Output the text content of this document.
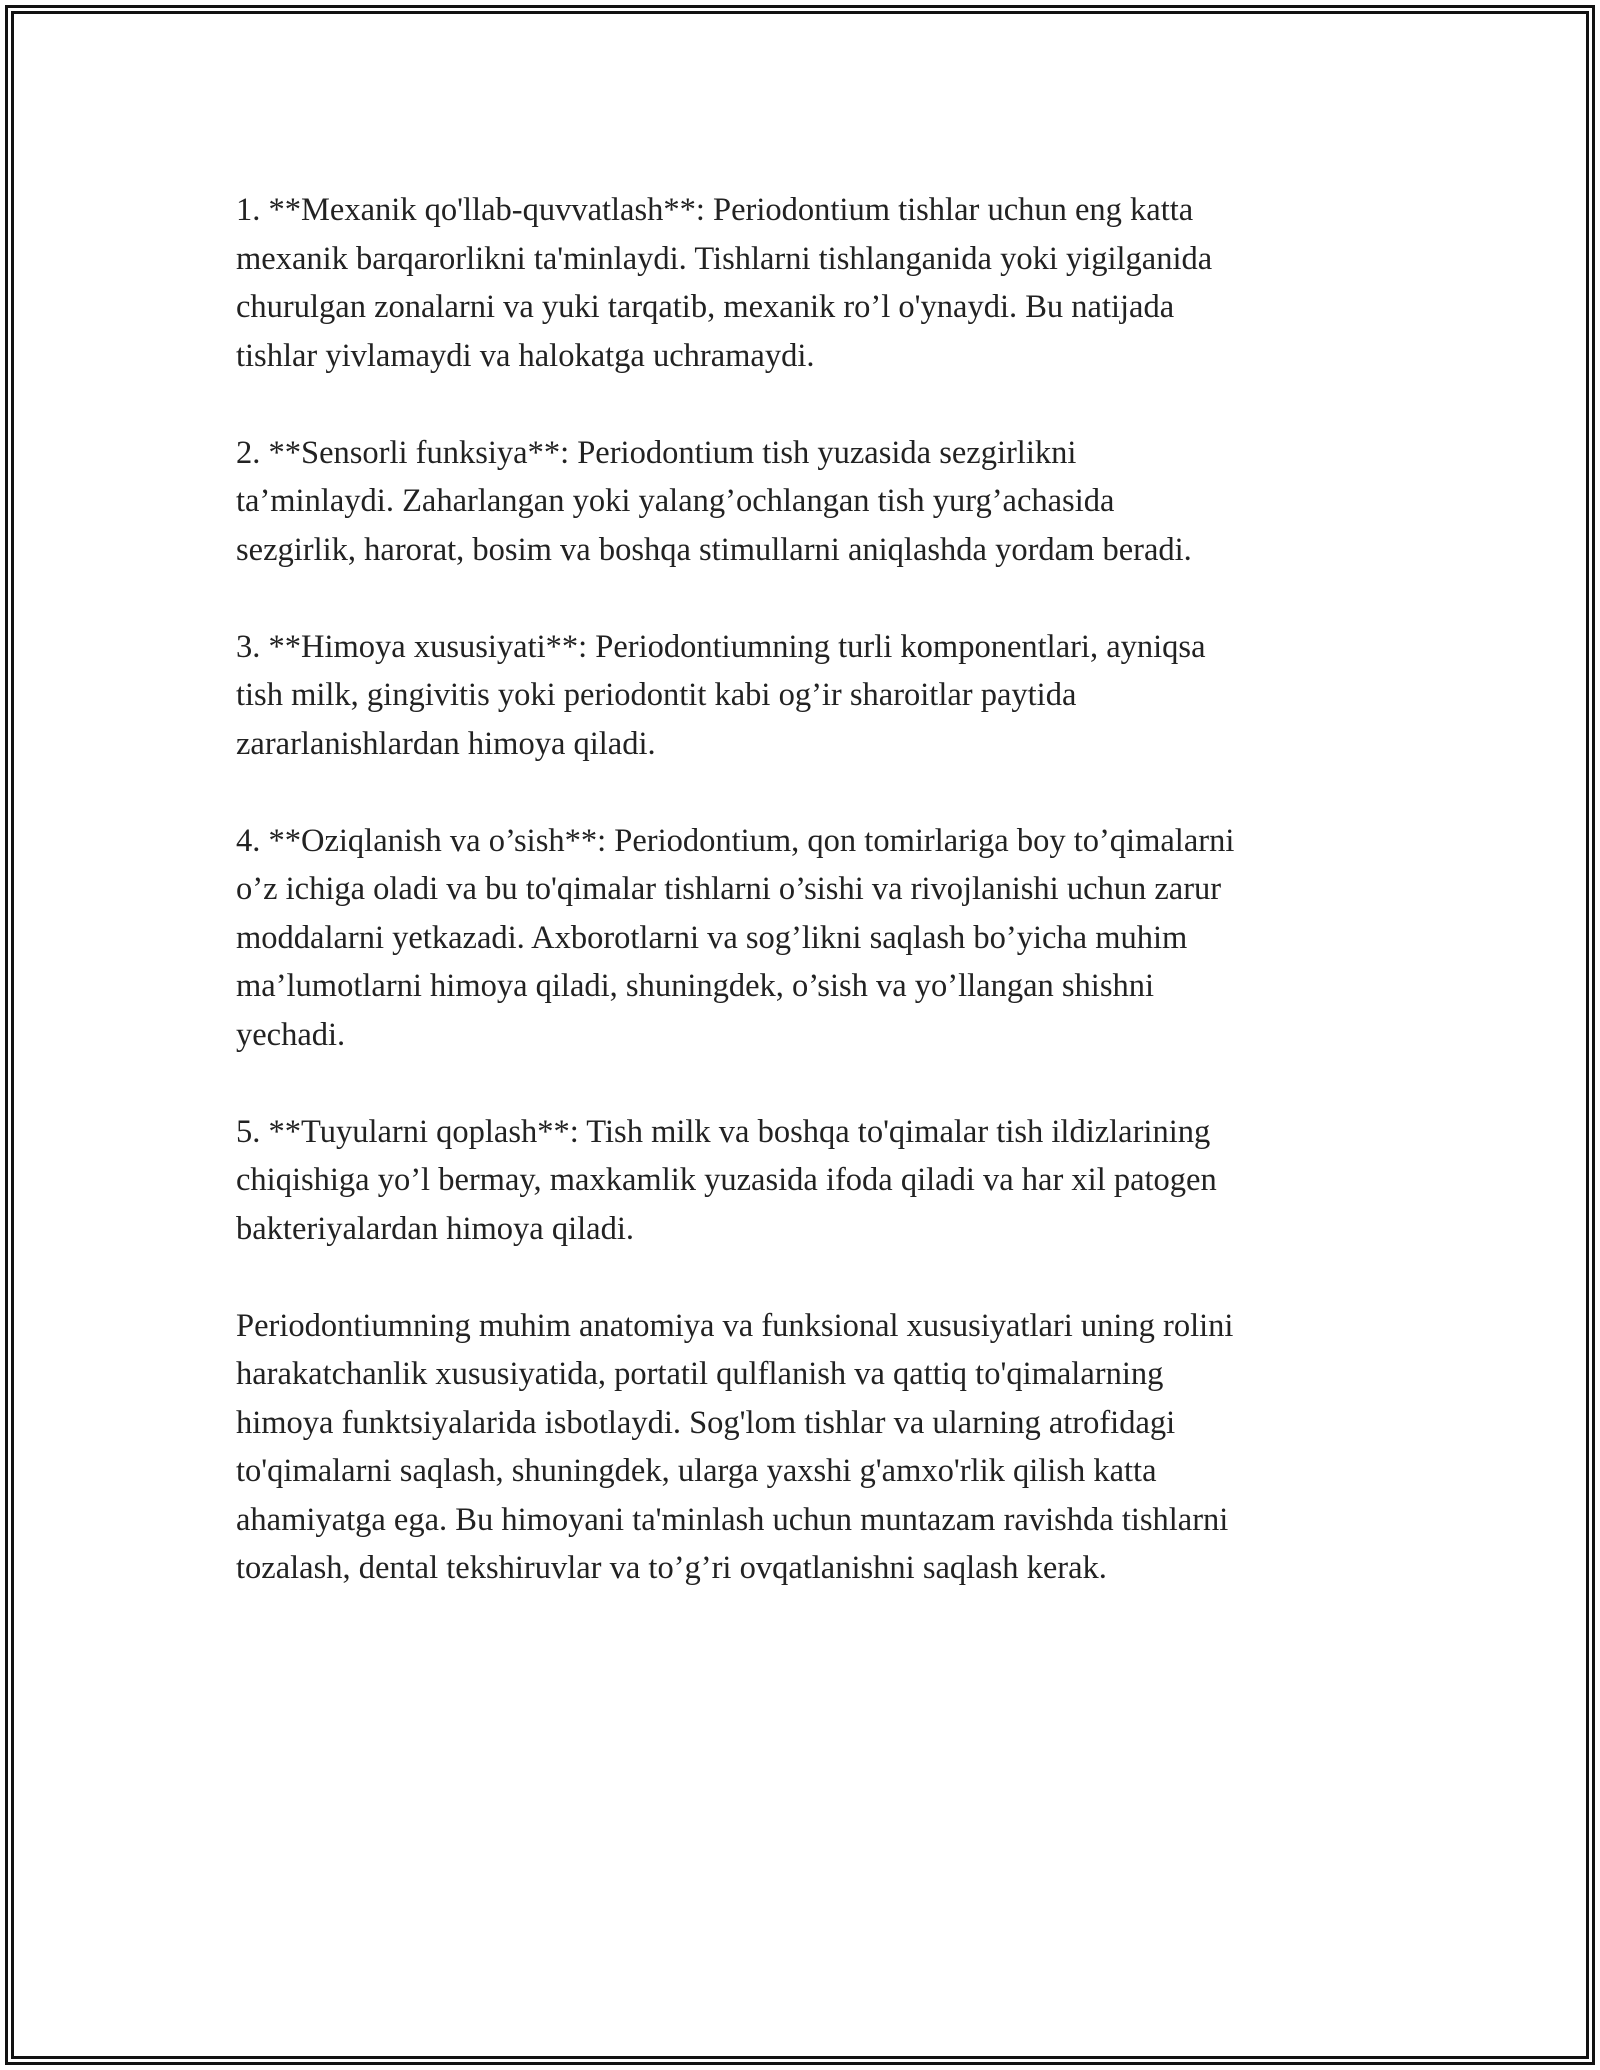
1. **Mexanik qo'llab-quvvatlash**: Periodontium tishlar uchun eng katta
mexanik barqarorlikni ta'minlaydi. Tishlarni tishlanganida yoki yigilganida
churulgan zonalarni va yuki tarqatib, mexanik ro’l o'ynaydi. Bu natijada
tishlar yivlamaydi va halokatga uchramaydi.

2. **Sensorli funksiya**: Periodontium tish yuzasida sezgirlikni
ta’minlaydi. Zaharlangan yoki yalang’ochlangan tish yurg’achasida
sezgirlik, harorat, bosim va boshqa stimullarni aniqlashda yordam beradi.

3. **Himoya xususiyati**: Periodontiumning turli komponentlari, ayniqsa
tish milk, gingivitis yoki periodontit kabi og’ir sharoitlar paytida
zararlanishlardan himoya qiladi.

4. **Oziqlanish va o’sish**: Periodontium, qon tomirlariga boy to’qimalarni
o’z ichiga oladi va bu to'qimalar tishlarni o’sishi va rivojlanishi uchun zarur
moddalarni yetkazadi. Axborotlarni va sog’likni saqlash bo’yicha muhim
ma’lumotlarni himoya qiladi, shuningdek, o’sish va yo’llangan shishni
yechadi.

5. **Tuyularni qoplash**: Tish milk va boshqa to'qimalar tish ildizlarining
chiqishiga yo’l bermay, maxkamlik yuzasida ifoda qiladi va har xil patogen
bakteriyalardan himoya qiladi.

Periodontiumning muhim anatomiya va funksional xususiyatlari uning rolini
harakatchanlik xususiyatida, portatil qulflanish va qattiq to'qimalarning
himoya funktsiyalarida isbotlaydi. Sog'lom tishlar va ularning atrofidagi
to'qimalarni saqlash, shuningdek, ularga yaxshi g'amxo'rlik qilish katta
ahamiyatga ega. Bu himoyani ta'minlash uchun muntazam ravishda tishlarni
tozalash, dental tekshiruvlar va to’g’ri ovqatlanishni saqlash kerak.
